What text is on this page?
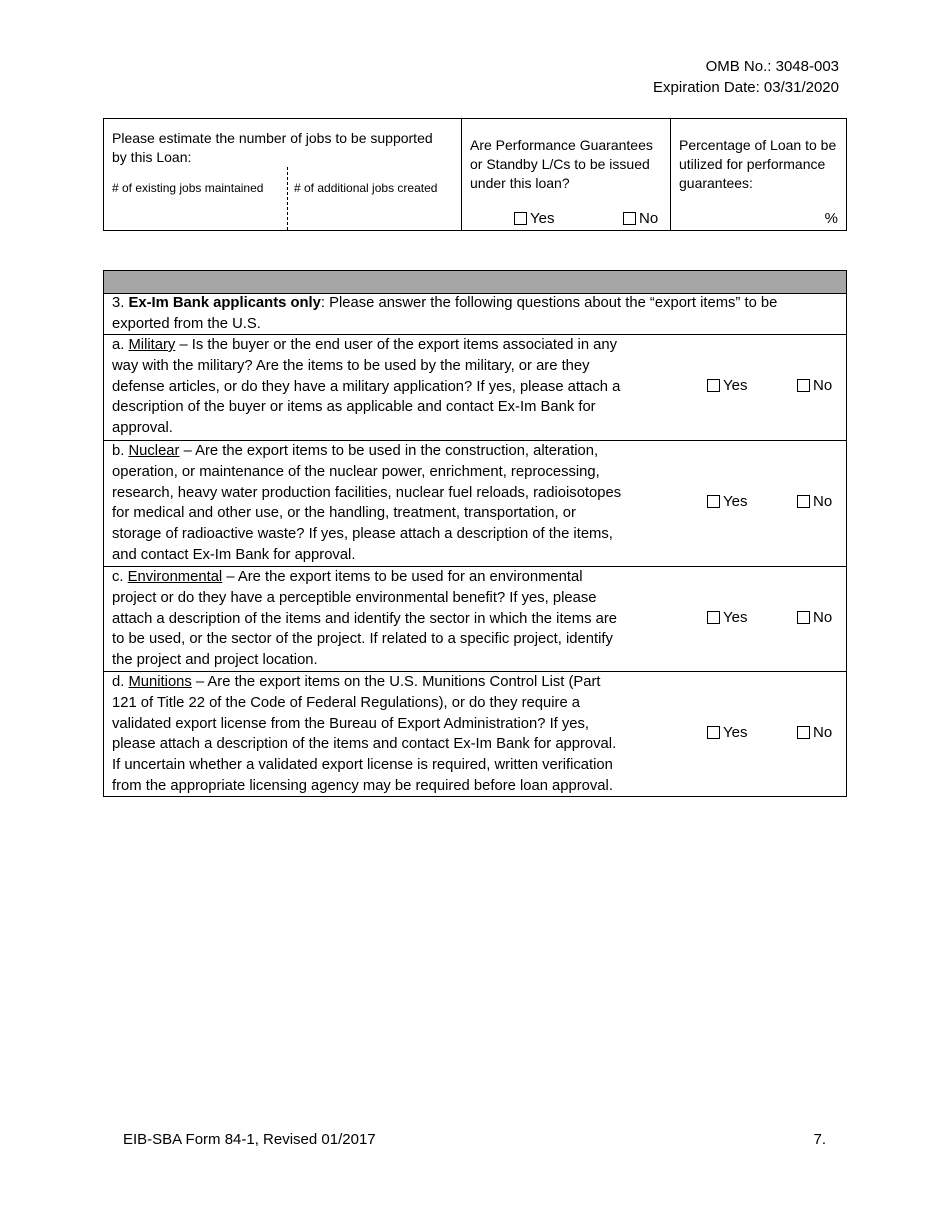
OMB No.: 3048-003
Expiration Date: 03/31/2020
Please estimate the number of jobs to be supported
by this Loan:
# of existing jobs maintained	# of additional jobs created
Are Performance Guarantees
or Standby L/Cs to be issued
under this loan?
Yes	No
Percentage of Loan to be
utilized for performance
guarantees:
%
3. Ex-Im Bank applicants only: Please answer the following questions about the “export items” to be
exported from the U.S.
a. Military – Is the buyer or the end user of the export items associated in any
way with the military? Are the items to be used by the military, or are they
defense articles, or do they have a military application? If yes, please attach a
description of the buyer or items as applicable and contact Ex-Im Bank for
approval.
Yes	No
b. Nuclear – Are the export items to be used in the construction, alteration,
operation, or maintenance of the nuclear power, enrichment, reprocessing,
research, heavy water production facilities, nuclear fuel reloads, radioisotopes
for medical and other use, or the handling, treatment, transportation, or
storage of radioactive waste? If yes, please attach a description of the items,
and contact Ex-Im Bank for approval.
Yes	No
c. Environmental – Are the export items to be used for an environmental
project or do they have a perceptible environmental benefit? If yes, please
attach a description of the items and identify the sector in which the items are
to be used, or the sector of the project. If related to a specific project, identify
the project and project location.
Yes	No
d. Munitions – Are the export items on the U.S. Munitions Control List (Part
121 of Title 22 of the Code of Federal Regulations), or do they require a
validated export license from the Bureau of Export Administration? If yes,
please attach a description of the items and contact Ex-Im Bank for approval.
If uncertain whether a validated export license is required, written verification
from the appropriate licensing agency may be required before loan approval.
Yes	No
EIB-SBA Form 84-1, Revised 01/2017	7.
